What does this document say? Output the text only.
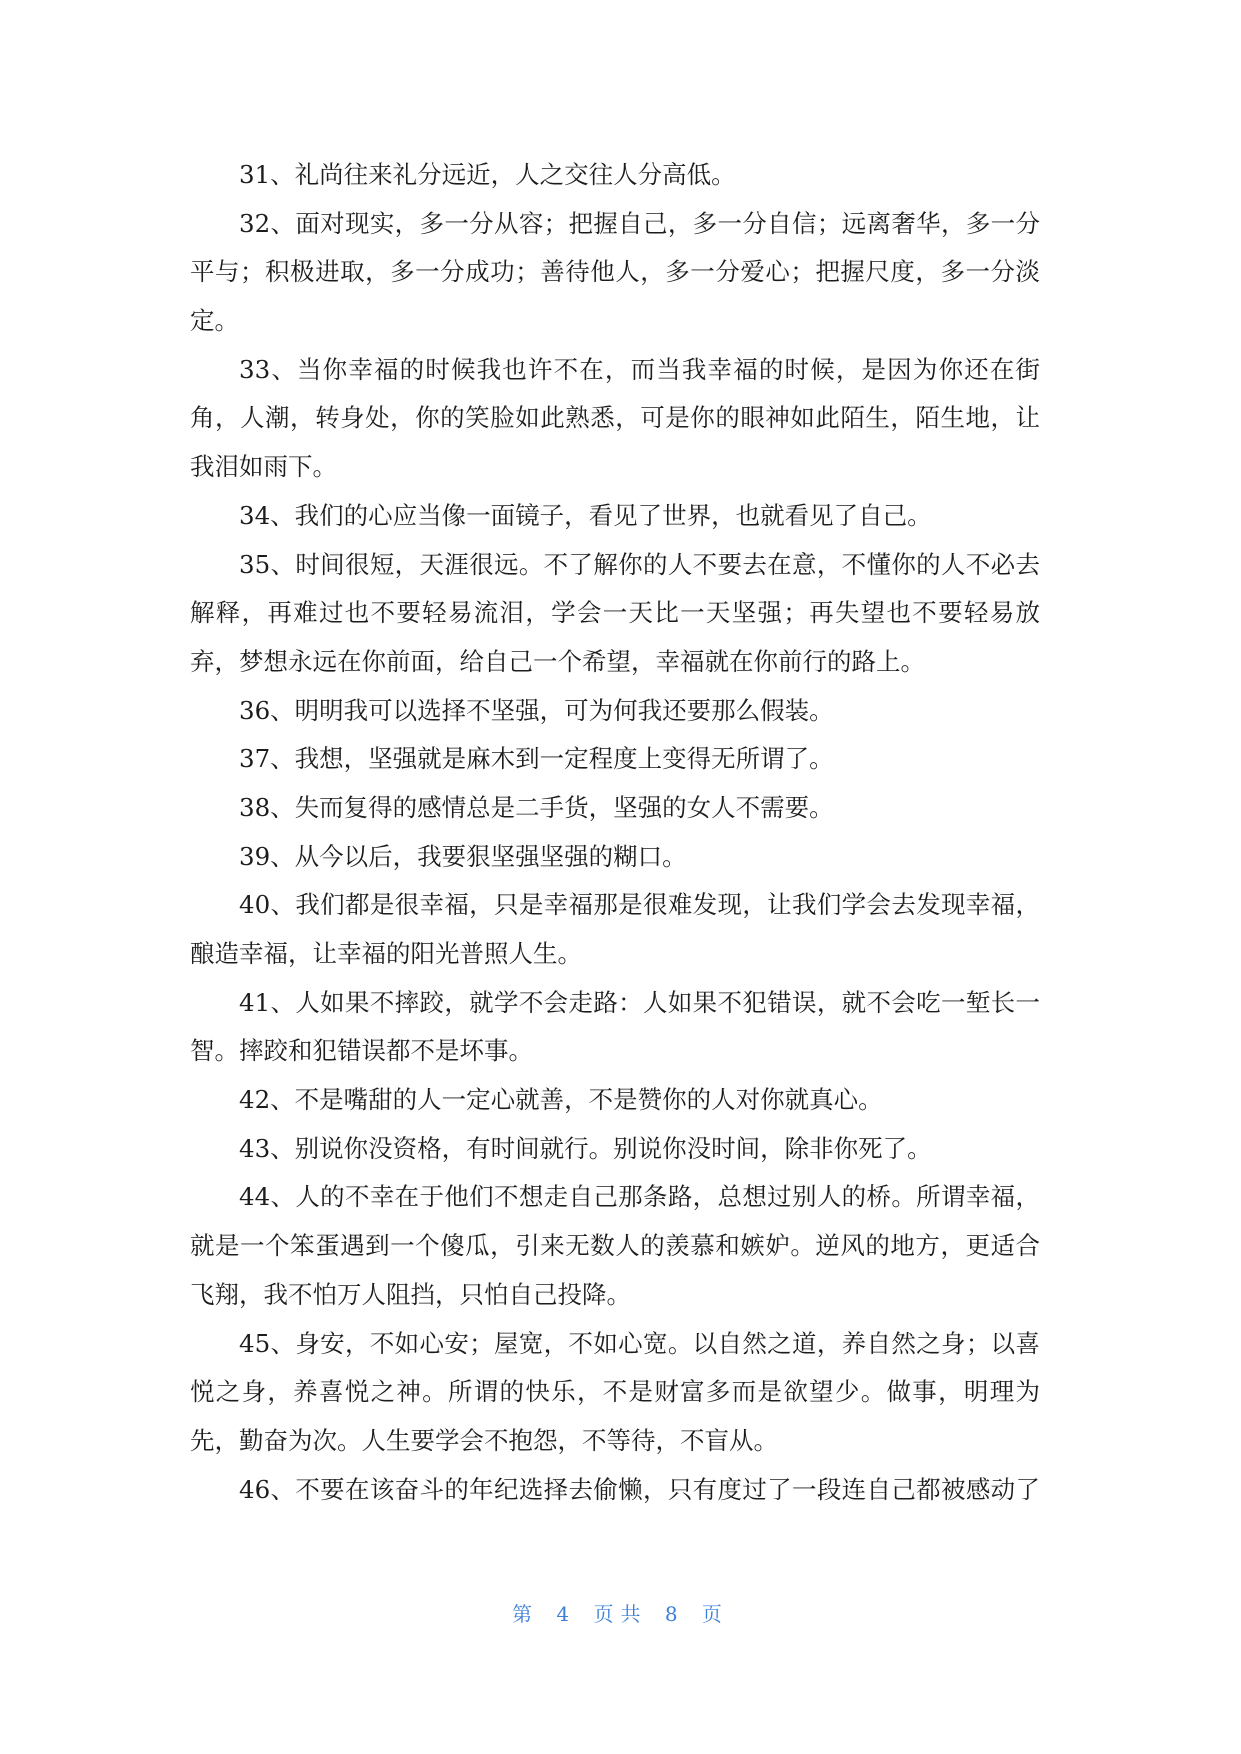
31、礼尚往来礼分远近，人之交往人分高低。

32、面对现实，多一分从容；把握自己，多一分自信；远离奢华，多一分
平与；积极进取，多一分成功；善待他人，多一分爱心；把握尺度，多一分淡
定。

33、当你幸福的时候我也许不在，而当我幸福的时候，是因为你还在街
角，人潮，转身处，你的笑脸如此熟悉，可是你的眼神如此陌生，陌生地，让
我泪如雨下。

34、我们的心应当像一面镜子，看见了世界，也就看见了自己。

35、时间很短，天涯很远。不了解你的人不要去在意，不懂你的人不必去
解释，再难过也不要轻易流泪，学会一天比一天坚强；再失望也不要轻易放
弃，梦想永远在你前面，给自己一个希望，幸福就在你前行的路上。

36、明明我可以选择不坚强，可为何我还要那么假装。

37、我想，坚强就是麻木到一定程度上变得无所谓了。

38、失而复得的感情总是二手货，坚强的女人不需要。

39、从今以后，我要狠坚强坚强的糊口。

40、我们都是很幸福，只是幸福那是很难发现，让我们学会去发现幸福，
酿造幸福，让幸福的阳光普照人生。

41、人如果不摔跤，就学不会走路：人如果不犯错误，就不会吃一堑长一
智。摔跤和犯错误都不是坏事。

42、不是嘴甜的人一定心就善，不是赞你的人对你就真心。

43、别说你没资格，有时间就行。别说你没时间，除非你死了。

44、人的不幸在于他们不想走自己那条路，总想过别人的桥。所谓幸福，
就是一个笨蛋遇到一个傻瓜，引来无数人的羡慕和嫉妒。逆风的地方，更适合
飞翔，我不怕万人阻挡，只怕自己投降。

45、身安，不如心安；屋宽，不如心宽。以自然之道，养自然之身；以喜
悦之身，养喜悦之神。所谓的快乐，不是财富多而是欲望少。做事，明理为
先，勤奋为次。人生要学会不抱怨，不等待，不盲从。

46、不要在该奋斗的年纪选择去偷懒，只有度过了一段连自己都被感动了

第 4 页共 8 页
